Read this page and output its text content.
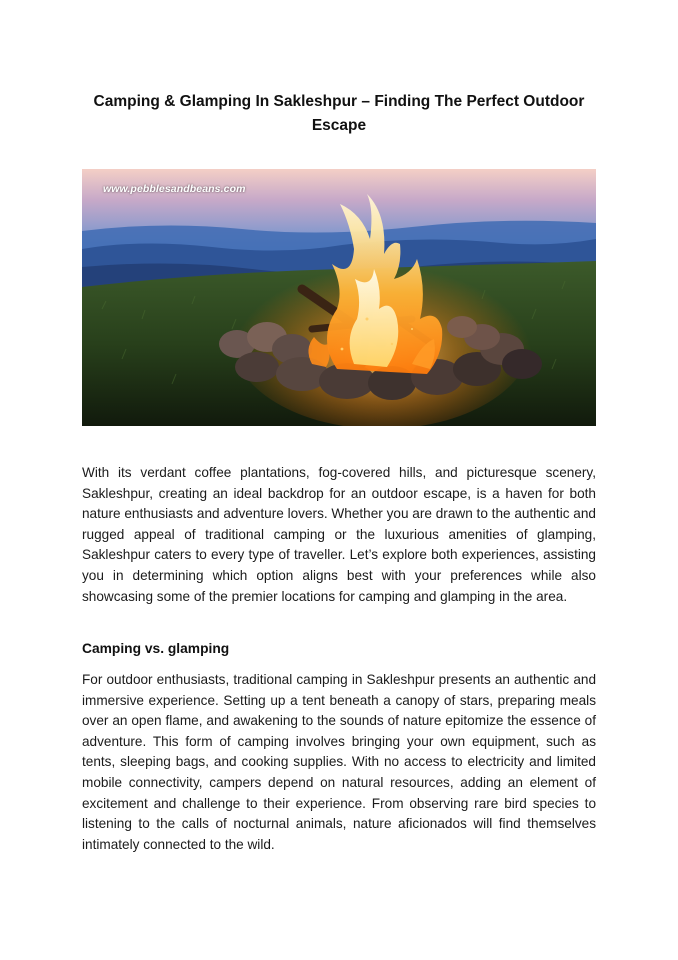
Camping & Glamping In Sakleshpur – Finding The Perfect Outdoor Escape
www.pebblesandbeans.com

With its verdant coffee plantations, fog-covered hills, and picturesque scenery, Sakleshpur, creating an ideal backdrop for an outdoor escape, is a haven for both nature enthusiasts and adventure lovers. Whether you are drawn to the authentic and rugged appeal of traditional camping or the luxurious amenities of glamping, Sakleshpur caters to every type of traveller. Let’s explore both experiences, assisting you in determining which option aligns best with your preferences while also showcasing some of the premier locations for camping and glamping in the area.

Camping vs. glamping

For outdoor enthusiasts, traditional camping in Sakleshpur presents an authentic and immersive experience. Setting up a tent beneath a canopy of stars, preparing meals over an open flame, and awakening to the sounds of nature epitomize the essence of adventure. This form of camping involves bringing your own equipment, such as tents, sleeping bags, and cooking supplies. With no access to electricity and limited mobile connectivity, campers depend on natural resources, adding an element of excitement and challenge to their experience. From observing rare bird species to listening to the calls of nocturnal animals, nature aficionados will find themselves intimately connected to the wild.
